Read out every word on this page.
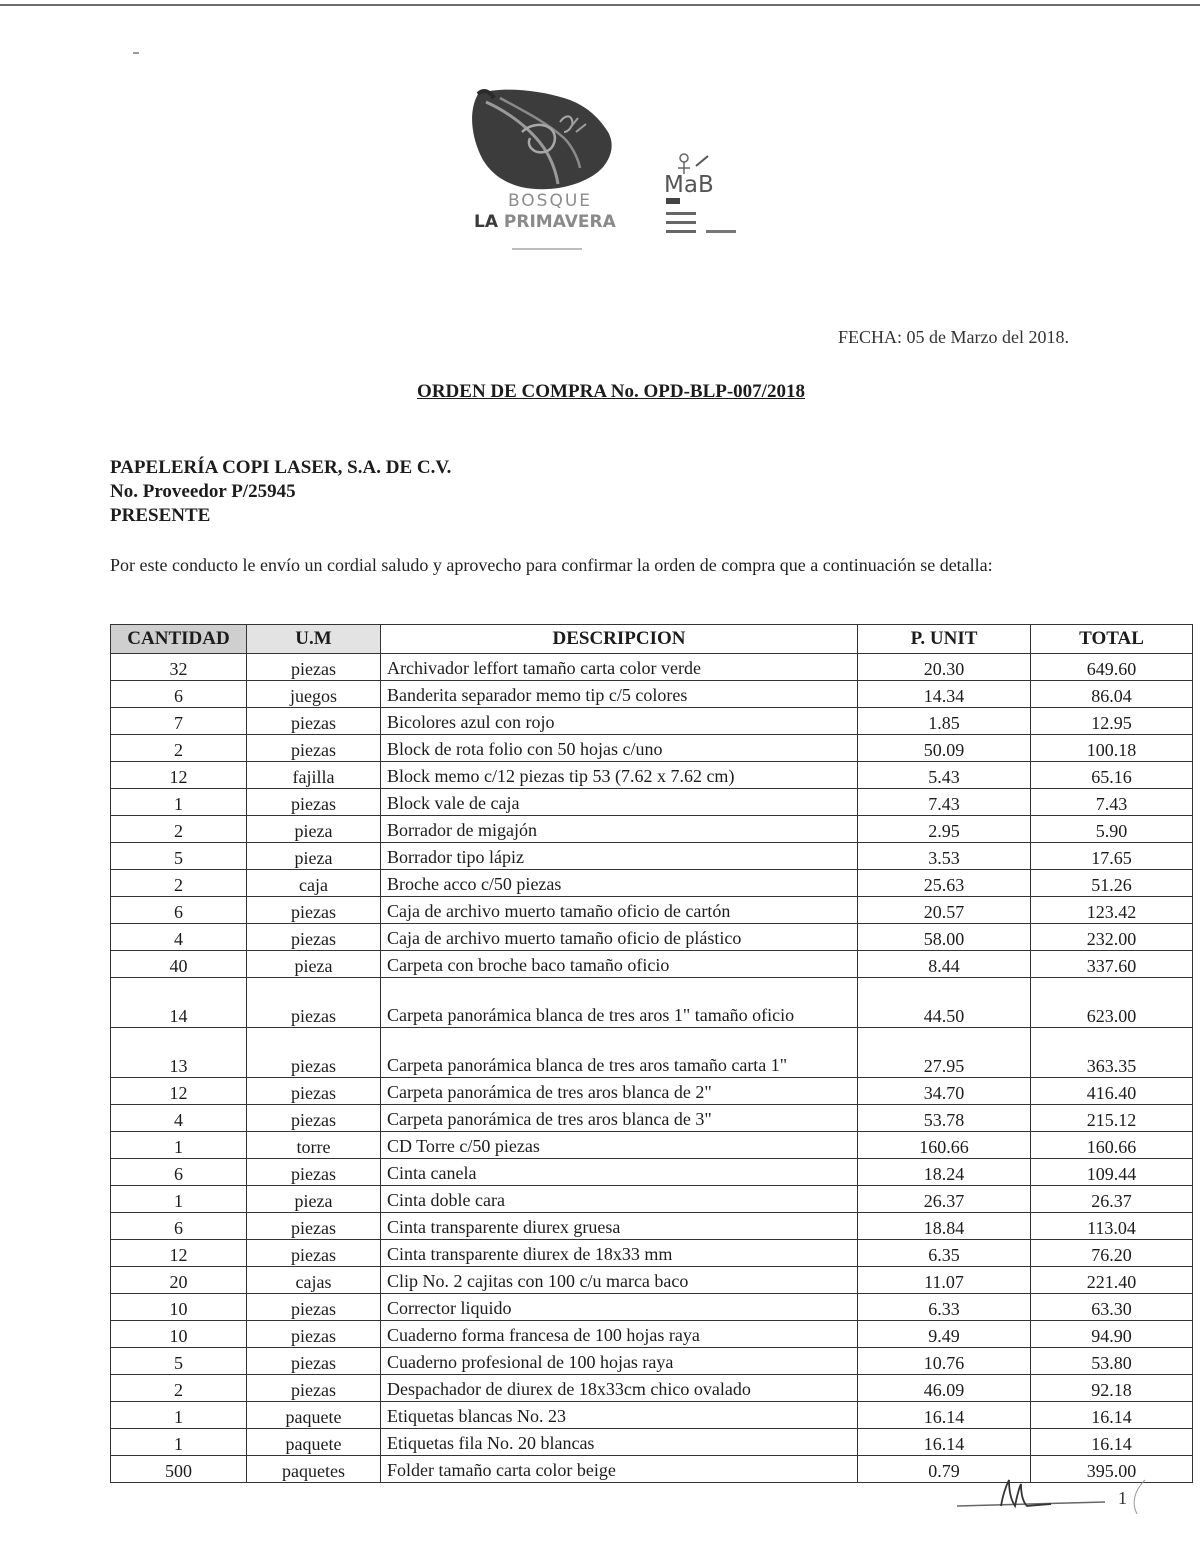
BOSQUE
LA PRIMAVERA
MaB
FECHA: 05 de Marzo del 2018.
ORDEN DE COMPRA No. OPD-BLP-007/2018
PAPELERÍA COPI LASER, S.A. DE C.V.
No. Proveedor P/25945
PRESENTE
Por este conducto le envío un cordial saludo y aprovecho para confirmar la orden de compra que a continuación se detalla:
CANTIDAD	U.M	DESCRIPCION	P. UNIT	TOTAL
32	piezas	Archivador leffort tamaño carta color verde	20.30	649.60
6	juegos	Banderita separador memo tip c/5 colores	14.34	86.04
7	piezas	Bicolores azul con rojo	1.85	12.95
2	piezas	Block de rota folio con 50 hojas c/uno	50.09	100.18
12	fajilla	Block memo c/12 piezas tip 53 (7.62 x 7.62 cm)	5.43	65.16
1	piezas	Block vale de caja	7.43	7.43
2	pieza	Borrador de migajón	2.95	5.90
5	pieza	Borrador tipo lápiz	3.53	17.65
2	caja	Broche acco c/50 piezas	25.63	51.26
6	piezas	Caja de archivo muerto tamaño oficio de cartón	20.57	123.42
4	piezas	Caja de archivo muerto tamaño oficio de plástico	58.00	232.00
40	pieza	Carpeta con broche baco tamaño oficio	8.44	337.60
14	piezas	Carpeta panorámica blanca de tres aros 1" tamaño oficio	44.50	623.00
13	piezas	Carpeta panorámica blanca de tres aros tamaño carta 1"	27.95	363.35
12	piezas	Carpeta panorámica de tres aros blanca de 2"	34.70	416.40
4	piezas	Carpeta panorámica de tres aros blanca de 3"	53.78	215.12
1	torre	CD Torre c/50 piezas	160.66	160.66
6	piezas	Cinta canela	18.24	109.44
1	pieza	Cinta doble cara	26.37	26.37
6	piezas	Cinta transparente diurex gruesa	18.84	113.04
12	piezas	Cinta transparente diurex de 18x33 mm	6.35	76.20
20	cajas	Clip No. 2 cajitas con 100 c/u marca baco	11.07	221.40
10	piezas	Corrector liquido	6.33	63.30
10	piezas	Cuaderno forma francesa de 100 hojas raya	9.49	94.90
5	piezas	Cuaderno profesional de 100 hojas raya	10.76	53.80
2	piezas	Despachador de diurex de 18x33cm chico ovalado	46.09	92.18
1	paquete	Etiquetas blancas No. 23	16.14	16.14
1	paquete	Etiquetas fila No. 20 blancas	16.14	16.14
500	paquetes	Folder tamaño carta color beige	0.79	395.00
1
